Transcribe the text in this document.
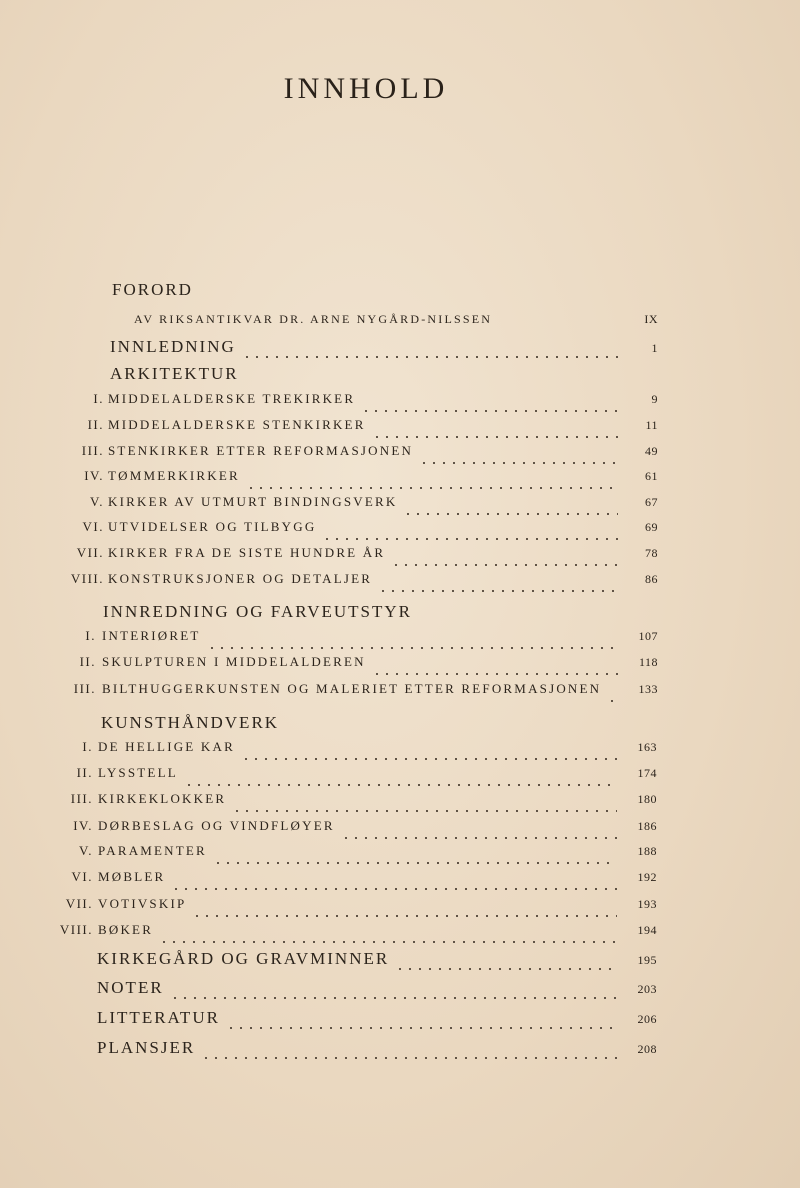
INNHOLD
FORORD
AV RIKSANTIKVAR DR. ARNE NYGÅRD-NILSSEN	IX
INNLEDNING	1
ARKITEKTUR
I. MIDDELALDERSKE TREKIRKER	9
II. MIDDELALDERSKE STENKIRKER	11
III. STENKIRKER ETTER REFORMASJONEN	49
IV. TØMMERKIRKER	61
V. KIRKER AV UTMURT BINDINGSVERK	67
VI. UTVIDELSER OG TILBYGG	69
VII. KIRKER FRA DE SISTE HUNDRE ÅR	78
VIII. KONSTRUKSJONER OG DETALJER	86
INNREDNING OG FARVEUTSTYR
I. INTERIØRET	107
II. SKULPTUREN I MIDDELALDEREN	118
III. BILTHUGGERKUNSTEN OG MALERIET ETTER REFORMASJONEN	133
KUNSTHÅNDVERK
I. DE HELLIGE KAR	163
II. LYSSTELL	174
III. KIRKEKLOKKER	180
IV. DØRBESLAG OG VINDFLØYER	186
V. PARAMENTER	188
VI. MØBLER	192
VII. VOTIVSKIP	193
VIII. BØKER	194
KIRKEGÅRD OG GRAVMINNER	195
NOTER	203
LITTERATUR	206
PLANSJER	208
